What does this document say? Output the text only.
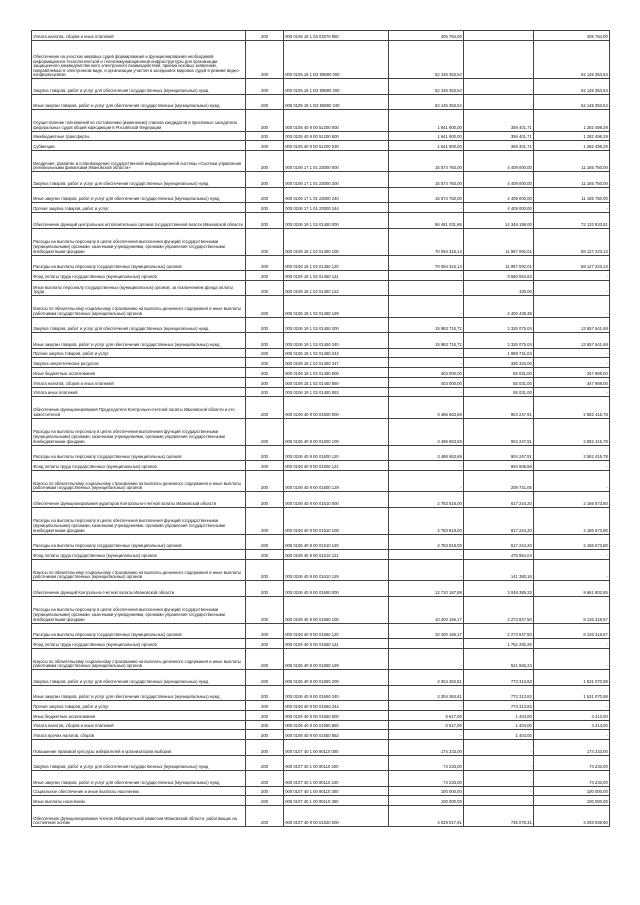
Уплата налогов, сборов и иных платежей	200	000 0105 18 1 03 03570 850	405 784,00	-	405 784,00
Обеспечение на участках мировых судей формирования и функционирования необходимой информационно-технологической и телекоммуникационной инфраструктуры для организации защищенного межведомственного электронного взаимодействия, приема исковых заявлений, направляемых в электронном виде, и организации участия в заседаниях мировых судей в режиме видео-конференцсвязи	200	000 0105 18 1 D2 55890 000	52 145 353,54	-	52 145 353,54
Закупка товаров, работ и услуг для обеспечения государственных (муниципальных) нужд	200	000 0105 18 1 D2 55890 200	52 145 353,54	-	52 145 353,54
Иные закупки товаров, работ и услуг для обеспечения государственных (муниципальных) нужд	200	000 0105 18 1 D2 55890 240	52 145 353,54	-	52 145 353,54
Осуществление полномочий по составлению (изменению) списков кандидатов в присяжные заседатели федеральных судов общей юрисдикции в Российской Федерации	200	000 0105 40 9 00 51200 000	1 641 900,00	359 401,71	1 282 498,29
Межбюджетные трансферты	200	000 0105 40 9 00 51200 500	1 641 900,00	359 401,71	1 282 498,29
Субвенции	200	000 0105 40 9 00 51200 530	1 641 900,00	359 401,71	1 282 498,29
Внедрение, развитие и сопровождение государственной информационной системы «Система управления региональными финансами Ивановской области»	200	000 0106 17 1 01 23000 000	15 574 750,00	4 409 000,00	11 165 750,00
Закупка товаров, работ и услуг для обеспечения государственных (муниципальных) нужд	200	000 0106 17 1 01 23000 200	15 574 750,00	4 409 000,00	11 165 750,00
Иные закупки товаров, работ и услуг для обеспечения государственных (муниципальных) нужд	200	000 0106 17 1 01 23000 240	15 574 750,00	4 409 000,00	11 165 750,00
Прочая закупка товаров, работ и услуг	200	000 0106 17 1 01 23000 244	-	4 409 000,00	-
Обеспечение функций центральных исполнительных органов государственной власти Ивановской области	200	000 0106 18 1 02 01450 000	86 481 031,86	14 348 198,00	72 132 833,81
Расходы на выплаты персоналу в целях обеспечения выполнения функций государственными (муниципальными) органами, казенными учреждениями, органами управления государственными внебюджетными фондами	200	000 0106 18 1 02 01450 100	70 094 315,14	11 967 092,01	58 127 223,13
Расходы на выплаты персоналу государственных (муниципальных) органов	200	000 0106 18 1 02 01450 120	70 094 315,14	11 967 092,01	58 127 223,13
Фонд оплаты труда государственных (муниципальных) органов	200	000 0106 18 1 02 01450 121	-	9 560 553,63	-
Иные выплаты персоналу государственных (муниципальных) органов, за исключением фонда оплаты труда	200	000 0106 18 1 02 01450 122	-	100,00	-
Взносы по обязательному социальному страхованию на выплаты денежного содержания и иные выплаты работникам государственных (муниципальных) органов	200	000 0106 18 1 02 01450 129	-	2 406 438,38	-
Закупка товаров, работ и услуг для обеспечения государственных (муниципальных) нужд	200	000 0106 18 1 02 01450 200	15 983 716,72	2 326 075,04	13 657 641,68
Иные закупки товаров, работ и услуг для обеспечения государственных (муниципальных) нужд	200	000 0106 18 1 02 01450 240	15 983 716,72	2 326 075,04	13 657 641,68
Прочая закупка товаров, работ и услуг	200	000 0106 18 1 02 01450 244	-	1 989 741,04	-
Закупка энергетических ресурсов	200	000 0106 18 1 02 01450 247	-	336 334,00	-
Иные бюджетные ассигнования	200	000 0106 18 1 02 01450 800	403 000,00	55 031,00	347 969,00
Уплата налогов, сборов и иных платежей	200	000 0106 18 1 02 01450 850	403 000,00	55 031,00	347 969,00
Уплата иных платежей	200	000 0106 18 1 02 01450 853	-	55 031,00	-
Обеспечение функционирования Председателя Контрольно-счетной палаты Ивановской области и его заместителей	200	000 0106 40 9 00 01600 000	3 486 663,69	904 247,91	2 582 415,78
Расходы на выплаты персоналу в целях обеспечения выполнения функций государственными (муниципальными) органами, казенными учреждениями, органами управления государственными внебюджетными фондами	200	000 0106 40 9 00 01600 100	3 486 663,69	904 247,91	2 582 415,78
Расходы на выплаты персоналу государственных (муниципальных) органов	200	000 0106 40 9 00 01600 120	3 486 663,69	904 247,91	2 582 415,78
Фонд оплаты труда государственных (муниципальных) органов	200	000 0106 40 9 00 01600 121	-	694 506,86	-
Взносы по обязательному социальному страхованию на выплаты денежного содержания и иные выплаты работникам государственных (муниципальных) органов	200	000 0106 40 9 00 01600 129	-	209 741,05	-
Обеспечение функционирования аудиторов Контрольно-счетной палаты Ивановской области	200	000 0106 40 9 00 01610 000	2 783 818,00	617 244,20	2 166 573,80
Расходы на выплаты персоналу в целях обеспечения выполнения функций государственными (муниципальными) органами, казенными учреждениями, органами управления государственными внебюджетными фондами	200	000 0106 40 9 00 01610 100	2 783 818,00	617 244,20	2 166 573,80
Расходы на выплаты персоналу государственных (муниципальных) органов	200	000 0106 40 9 00 01610 120	2 783 818,00	617 244,20	2 166 573,80
Фонд оплаты труда государственных (муниципальных) органов	200	000 0106 40 9 00 01610 121	-	475 864,04	-
Взносы по обязательному социальному страхованию на выплаты денежного содержания и иные выплаты работникам государственных (муниципальных) органов	200	000 0106 40 9 00 01610 129	-	141 380,16	-
Обеспечение функций Контрольно-счетной палаты Ивановской области	200	000 0106 40 9 00 01650 000	12 710 187,98	3 048 385,33	9 661 802,65
Расходы на выплаты персоналу в целях обеспечения выполнения функций государственными (муниципальными) органами, казенными учреждениями, органами управления государственными внебюджетными фондами	200	000 0106 40 9 00 01650 100	10 400 166,17	2 273 847,50	8 126 318,67
Расходы на выплаты персоналу государственных (муниципальных) органов	200	000 0106 40 9 00 01650 120	10 400 166,17	2 273 847,50	8 126 318,67
Фонд оплаты труда государственных (муниципальных) органов	200	000 0106 40 9 00 01650 121	-	1 752 292,26	-
Взносы по обязательному социальному страхованию на выплаты денежного содержания и иные выплаты работникам государственных (муниципальных) органов	200	000 0106 40 9 00 01650 129	-	521 555,24	-
Закупка товаров, работ и услуг для обеспечения государственных (муниципальных) нужд	200	000 0106 40 9 00 01650 200	2 304 384,81	773 313,83	1 531 070,98
Иные закупки товаров, работ и услуг для обеспечения государственных (муниципальных) нужд	200	000 0106 40 9 00 01650 240	2 304 384,81	773 313,83	1 531 070,98
Прочая закупка товаров, работ и услуг	200	000 0106 40 9 00 01650 244	-	773 313,83	-
Иные бюджетные ассигнования	200	000 0106 40 9 00 01650 800	5 617,00	1 404,00	4 213,00
Уплата налогов, сборов и иных платежей	200	000 0106 40 9 00 01650 850	5 617,00	1 404,00	4 213,00
Уплата прочих налогов, сборов	200	000 0106 40 9 00 01650 852	-	1 404,00	-
Повышение правовой культуры избирателей и организаторов выборов	200	000 0107 40 1 00 90110 000	174 233,00	-	174 233,00
Закупка товаров, работ и услуг для обеспечения государственных (муниципальных) нужд	200	000 0107 40 1 00 90110 200	74 233,00	-	74 233,00
Иные закупки товаров, работ и услуг для обеспечения государственных (муниципальных) нужд	200	000 0107 40 1 00 90110 240	74 233,00	-	74 233,00
Социальное обеспечение и иные выплаты населению	200	000 0107 40 1 00 90110 300	100 000,00	-	100 000,00
Иные выплаты населению	200	000 0107 40 1 00 90110 360	100 000,00	-	100 000,00
Обеспечение функционирования членов Избирательной комиссии Ивановской области, работающих на постоянной основе	200	000 0107 40 9 00 01620 000	4 029 017,91	735 078,31	3 293 939,60
